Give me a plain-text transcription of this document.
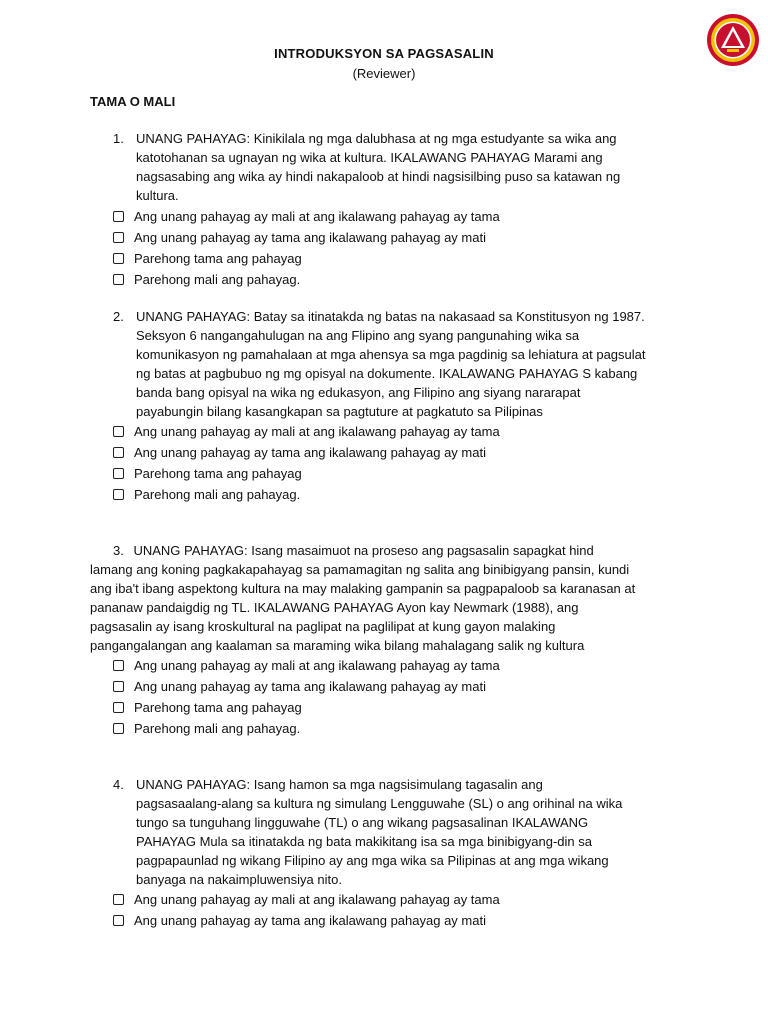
INTRODUKSYON SA PAGSASALIN
(Reviewer)
TAMA O MALI
1. UNANG PAHAYAG: Kinikilala ng mga dalubhasa at ng mga estudyante sa wika ang
katotohanan sa ugnayan ng wika at kultura. IKALAWANG PAHAYAG Marami ang
nagsasabing ang wika ay hindi nakapaloob at hindi nagsisilbing puso sa katawan ng
kultura.
Ang unang pahayag ay mali at ang ikalawang pahayag ay tama
Ang unang pahayag ay tama ang ikalawang pahayag ay mati
Parehong tama ang pahayag
Parehong mali ang pahayag.
2. UNANG PAHAYAG: Batay sa itinatakda ng batas na nakasaad sa Konstitusyon ng 1987.
Seksyon 6 nangangahulugan na ang Flipino ang syang pangunahing wika sa
komunikasyon ng pamahalaan at mga ahensya sa mga pagdinig sa lehiatura at pagsulat
ng batas at pagbubuo ng mg opisyal na dokumente. IKALAWANG PAHAYAG S kabang
banda bang opisyal na wika ng edukasyon, ang Filipino ang siyang nararapat
payabungin bilang kasangkapan sa pagtuture at pagkatuto sa Pilipinas
Ang unang pahayag ay mali at ang ikalawang pahayag ay tama
Ang unang pahayag ay tama ang ikalawang pahayag ay mati
Parehong tama ang pahayag
Parehong mali ang pahayag.
3. UNANG PAHAYAG: Isang masaimuot na proseso ang pagsasalin sapagkat hind
lamang ang koning pagkakapahayag sa pamamagitan ng salita ang binibigyang pansin, kundi
ang iba't ibang aspektong kultura na may malaking gampanin sa pagpapaloob sa karanasan at
pananaw pandaigdig ng TL. IKALAWANG PAHAYAG Ayon kay Newmark (1988), ang
pagsasalin ay isang kroskultural na paglipat na paglilipat at kung gayon malaking
pangangalangan ang kaalaman sa maraming wika bilang mahalagang salik ng kultura
Ang unang pahayag ay mali at ang ikalawang pahayag ay tama
Ang unang pahayag ay tama ang ikalawang pahayag ay mati
Parehong tama ang pahayag
Parehong mali ang pahayag.
4. UNANG PAHAYAG: Isang hamon sa mga nagsisimulang tagasalin ang
pagsasaalang-alang sa kultura ng simulang Lengguwahe (SL) o ang orihinal na wika
tungo sa tunguhang lingguwahe (TL) o ang wikang pagsasalinan IKALAWANG
PAHAYAG Mula sa itinatakda ng bata makikitang isa sa mga binibigyang-din sa
pagpapaunlad ng wikang Filipino ay ang mga wika sa Pilipinas at ang mga wikang
banyaga na nakaimpluwensiya nito.
Ang unang pahayag ay mali at ang ikalawang pahayag ay tama
Ang unang pahayag ay tama ang ikalawang pahayag ay mati
